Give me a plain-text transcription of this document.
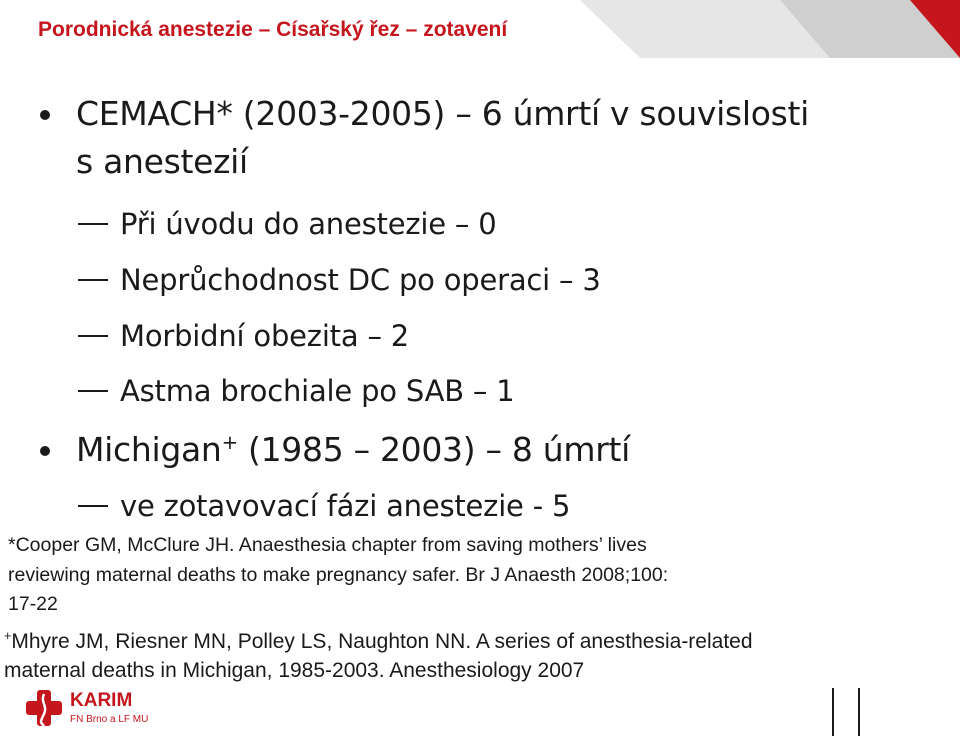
Porodnická anestezie – Císařský řez – zotavení
CEMACH* (2003-2005) – 6 úmrtí v souvislosti
s anestezií
Při úvodu do anestezie – 0
Neprůchodnost DC po operaci – 3
Morbidní obezita – 2
Astma brochiale po SAB – 1
Michigan+ (1985 – 2003) – 8 úmrtí
ve zotavovací fázi anestezie - 5
*Cooper GM, McClure JH. Anaesthesia chapter from saving mothers’ lives
reviewing maternal deaths to make pregnancy safer. Br J Anaesth 2008;100:
17-22
+Mhyre JM, Riesner MN, Polley LS, Naughton NN. A series of anesthesia-related
maternal deaths in Michigan, 1985-2003. Anesthesiology 2007
KARIM
FN Brno a LF MU
